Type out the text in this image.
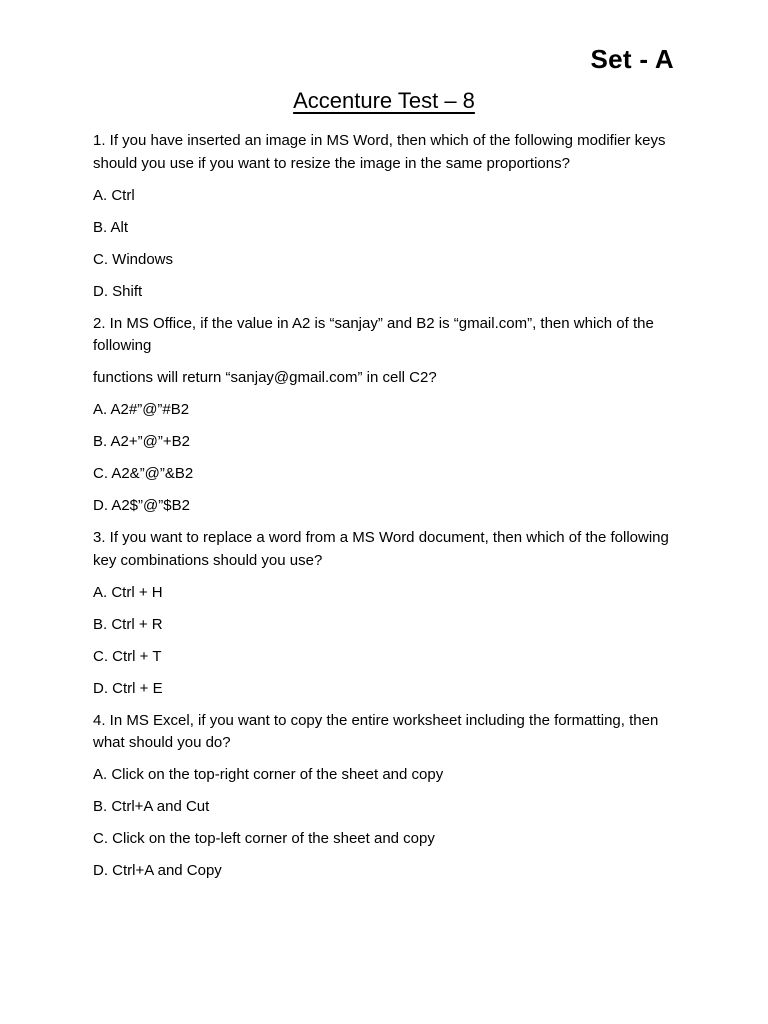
Set - A
Accenture Test – 8
1. If you have inserted an image in MS Word, then which of the following modifier keys should you use if you want to resize the image in the same proportions?
A. Ctrl
B. Alt
C. Windows
D. Shift
2. In MS Office, if the value in A2 is “sanjay” and B2 is “gmail.com”, then which of the following
functions will return “sanjay@gmail.com” in cell C2?
A. A2#”@”#B2
B. A2+”@”+B2
C. A2&”@”&B2
D. A2$”@”$B2
3. If you want to replace a word from a MS Word document, then which of the following key combinations should you use?
A. Ctrl + H
B. Ctrl + R
C. Ctrl + T
D. Ctrl + E
4. In MS Excel, if you want to copy the entire worksheet including the formatting, then what should you do?
A. Click on the top-right corner of the sheet and copy
B. Ctrl+A and Cut
C. Click on the top-left corner of the sheet and copy
D. Ctrl+A and Copy
